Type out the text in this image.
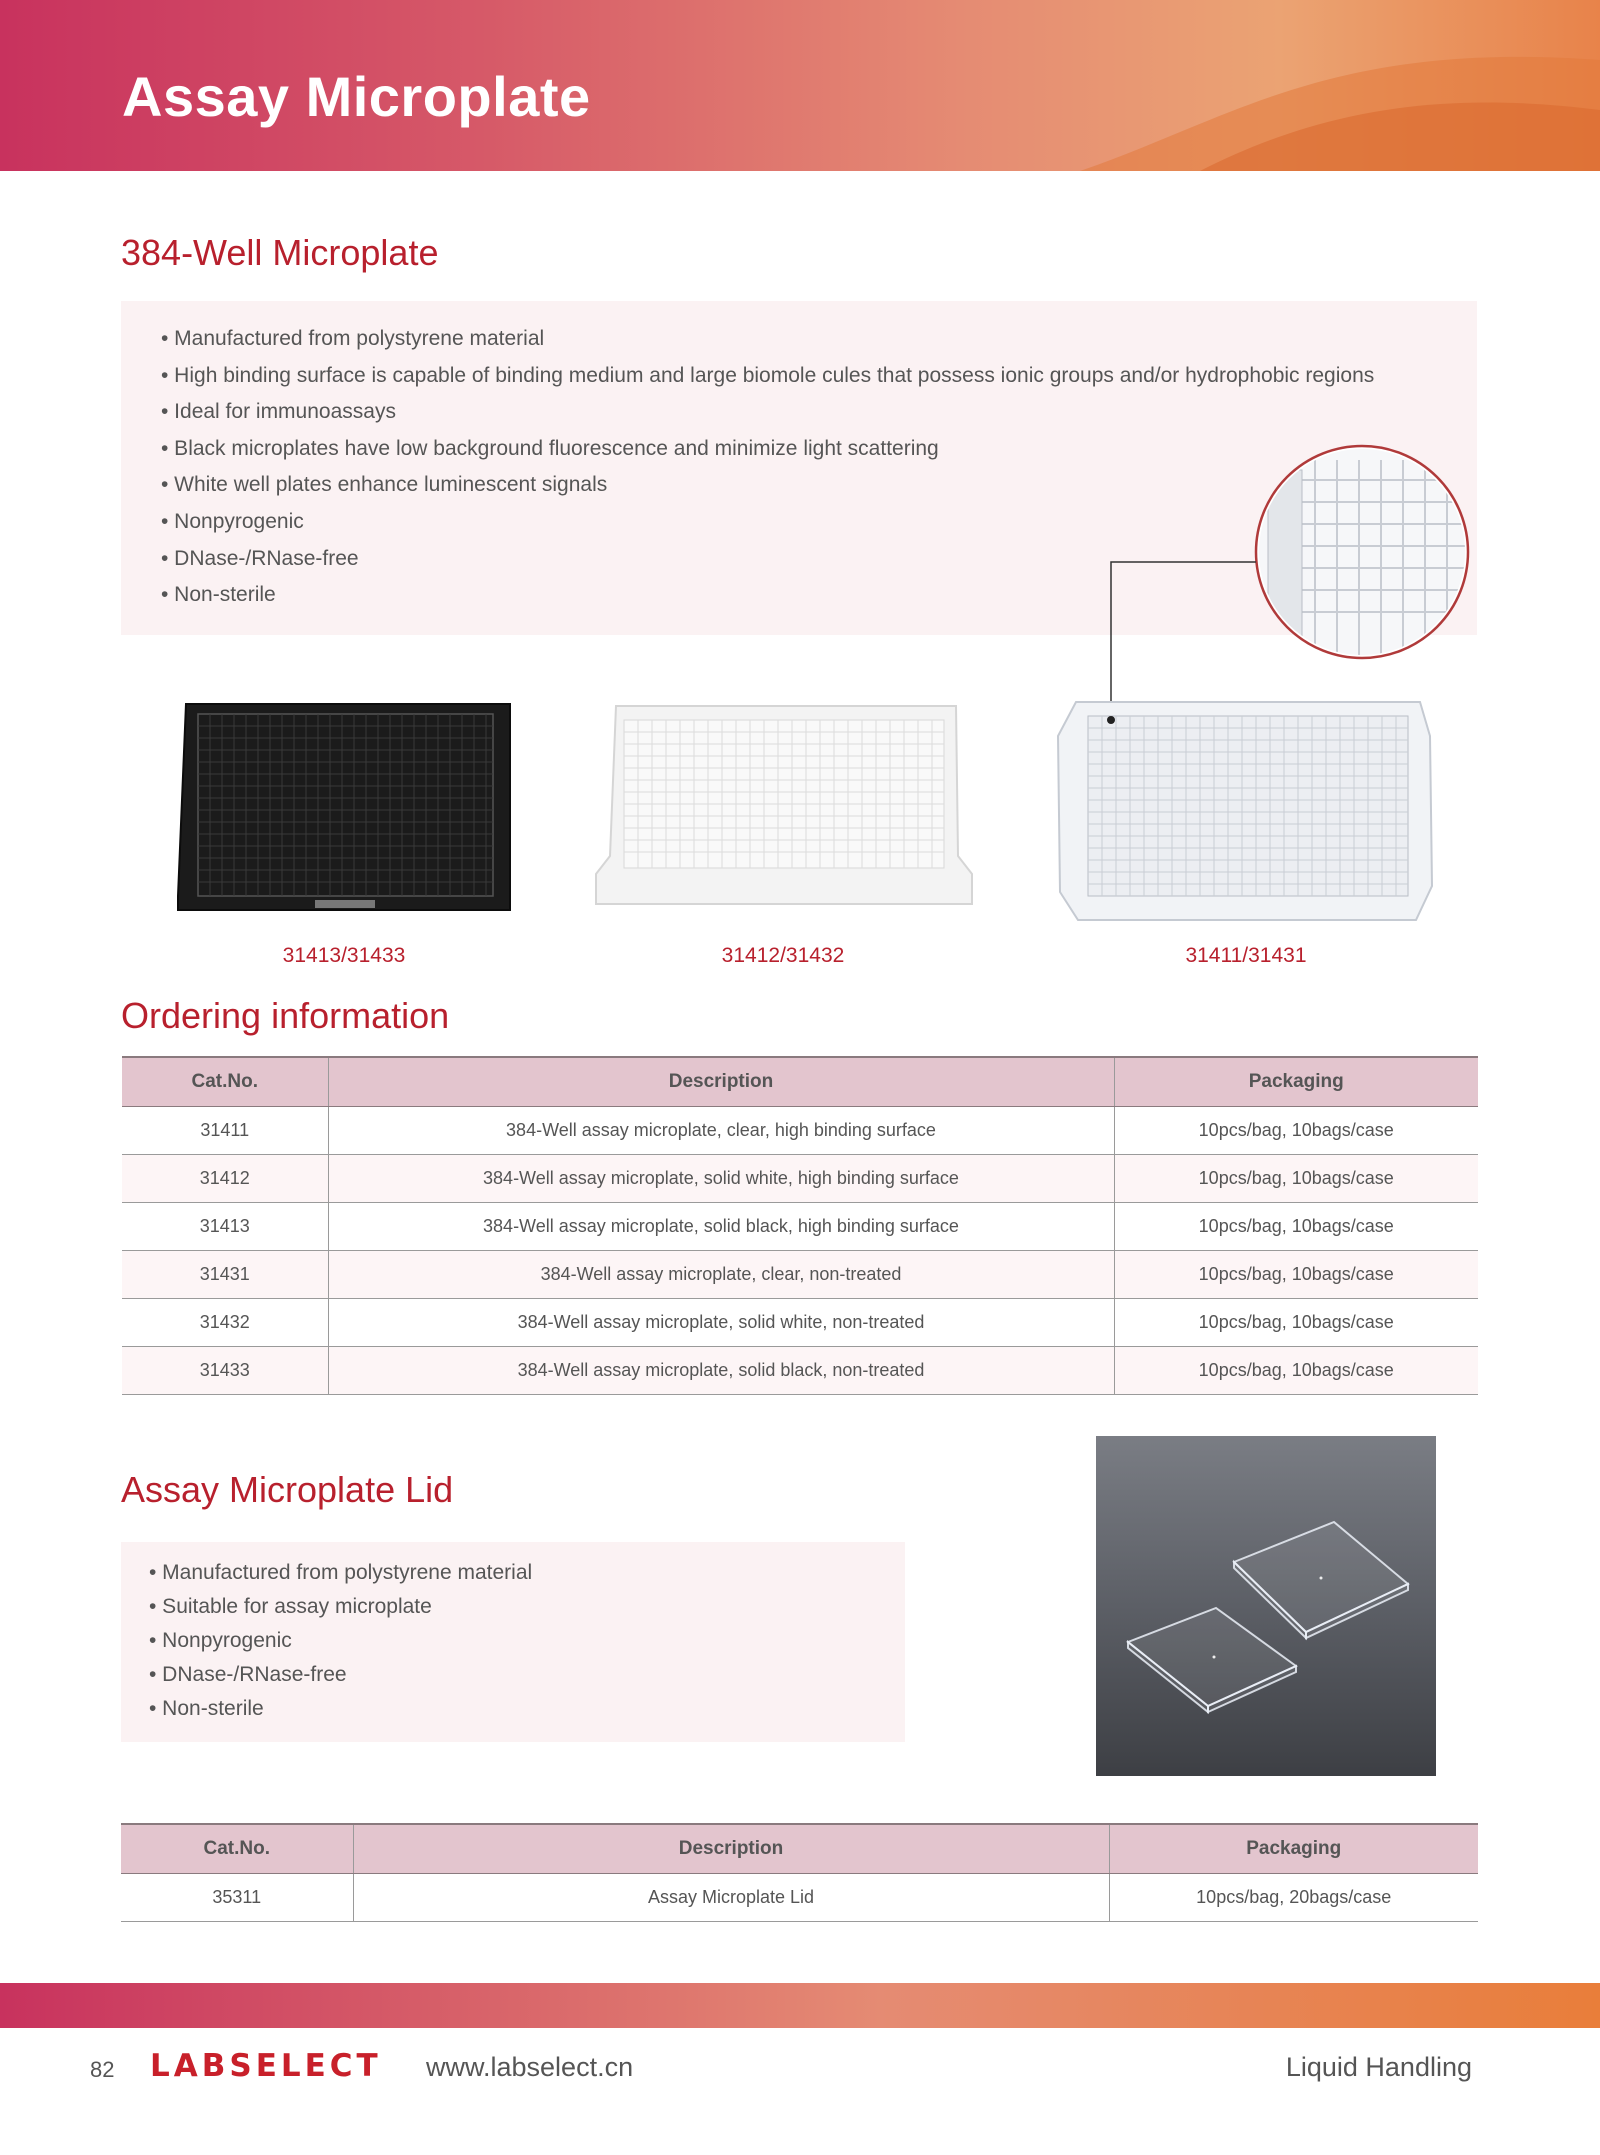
Assay Microplate
384-Well Microplate
• Manufactured from polystyrene material
• High binding surface is capable of binding medium and large biomole cules that possess ionic groups and/or hydrophobic regions
• Ideal for immunoassays
• Black microplates have low background fluorescence and minimize light scattering
• White well plates enhance luminescent signals
• Nonpyrogenic
• DNase-/RNase-free
• Non-sterile
31413/31433	31412/31432	31411/31431
Ordering information
Cat.No.	Description	Packaging
31411	384-Well assay microplate, clear, high binding surface	10pcs/bag, 10bags/case
31412	384-Well assay microplate, solid white, high binding surface	10pcs/bag, 10bags/case
31413	384-Well assay microplate, solid black, high binding surface	10pcs/bag, 10bags/case
31431	384-Well assay microplate, clear, non-treated	10pcs/bag, 10bags/case
31432	384-Well assay microplate, solid white, non-treated	10pcs/bag, 10bags/case
31433	384-Well assay microplate, solid black, non-treated	10pcs/bag, 10bags/case
Assay Microplate Lid
• Manufactured from polystyrene material
• Suitable for assay microplate
• Nonpyrogenic
• DNase-/RNase-free
• Non-sterile
Cat.No.	Description	Packaging
35311	Assay Microplate Lid	10pcs/bag, 20bags/case
82 LABSELECT www.labselect.cn	Liquid Handling
